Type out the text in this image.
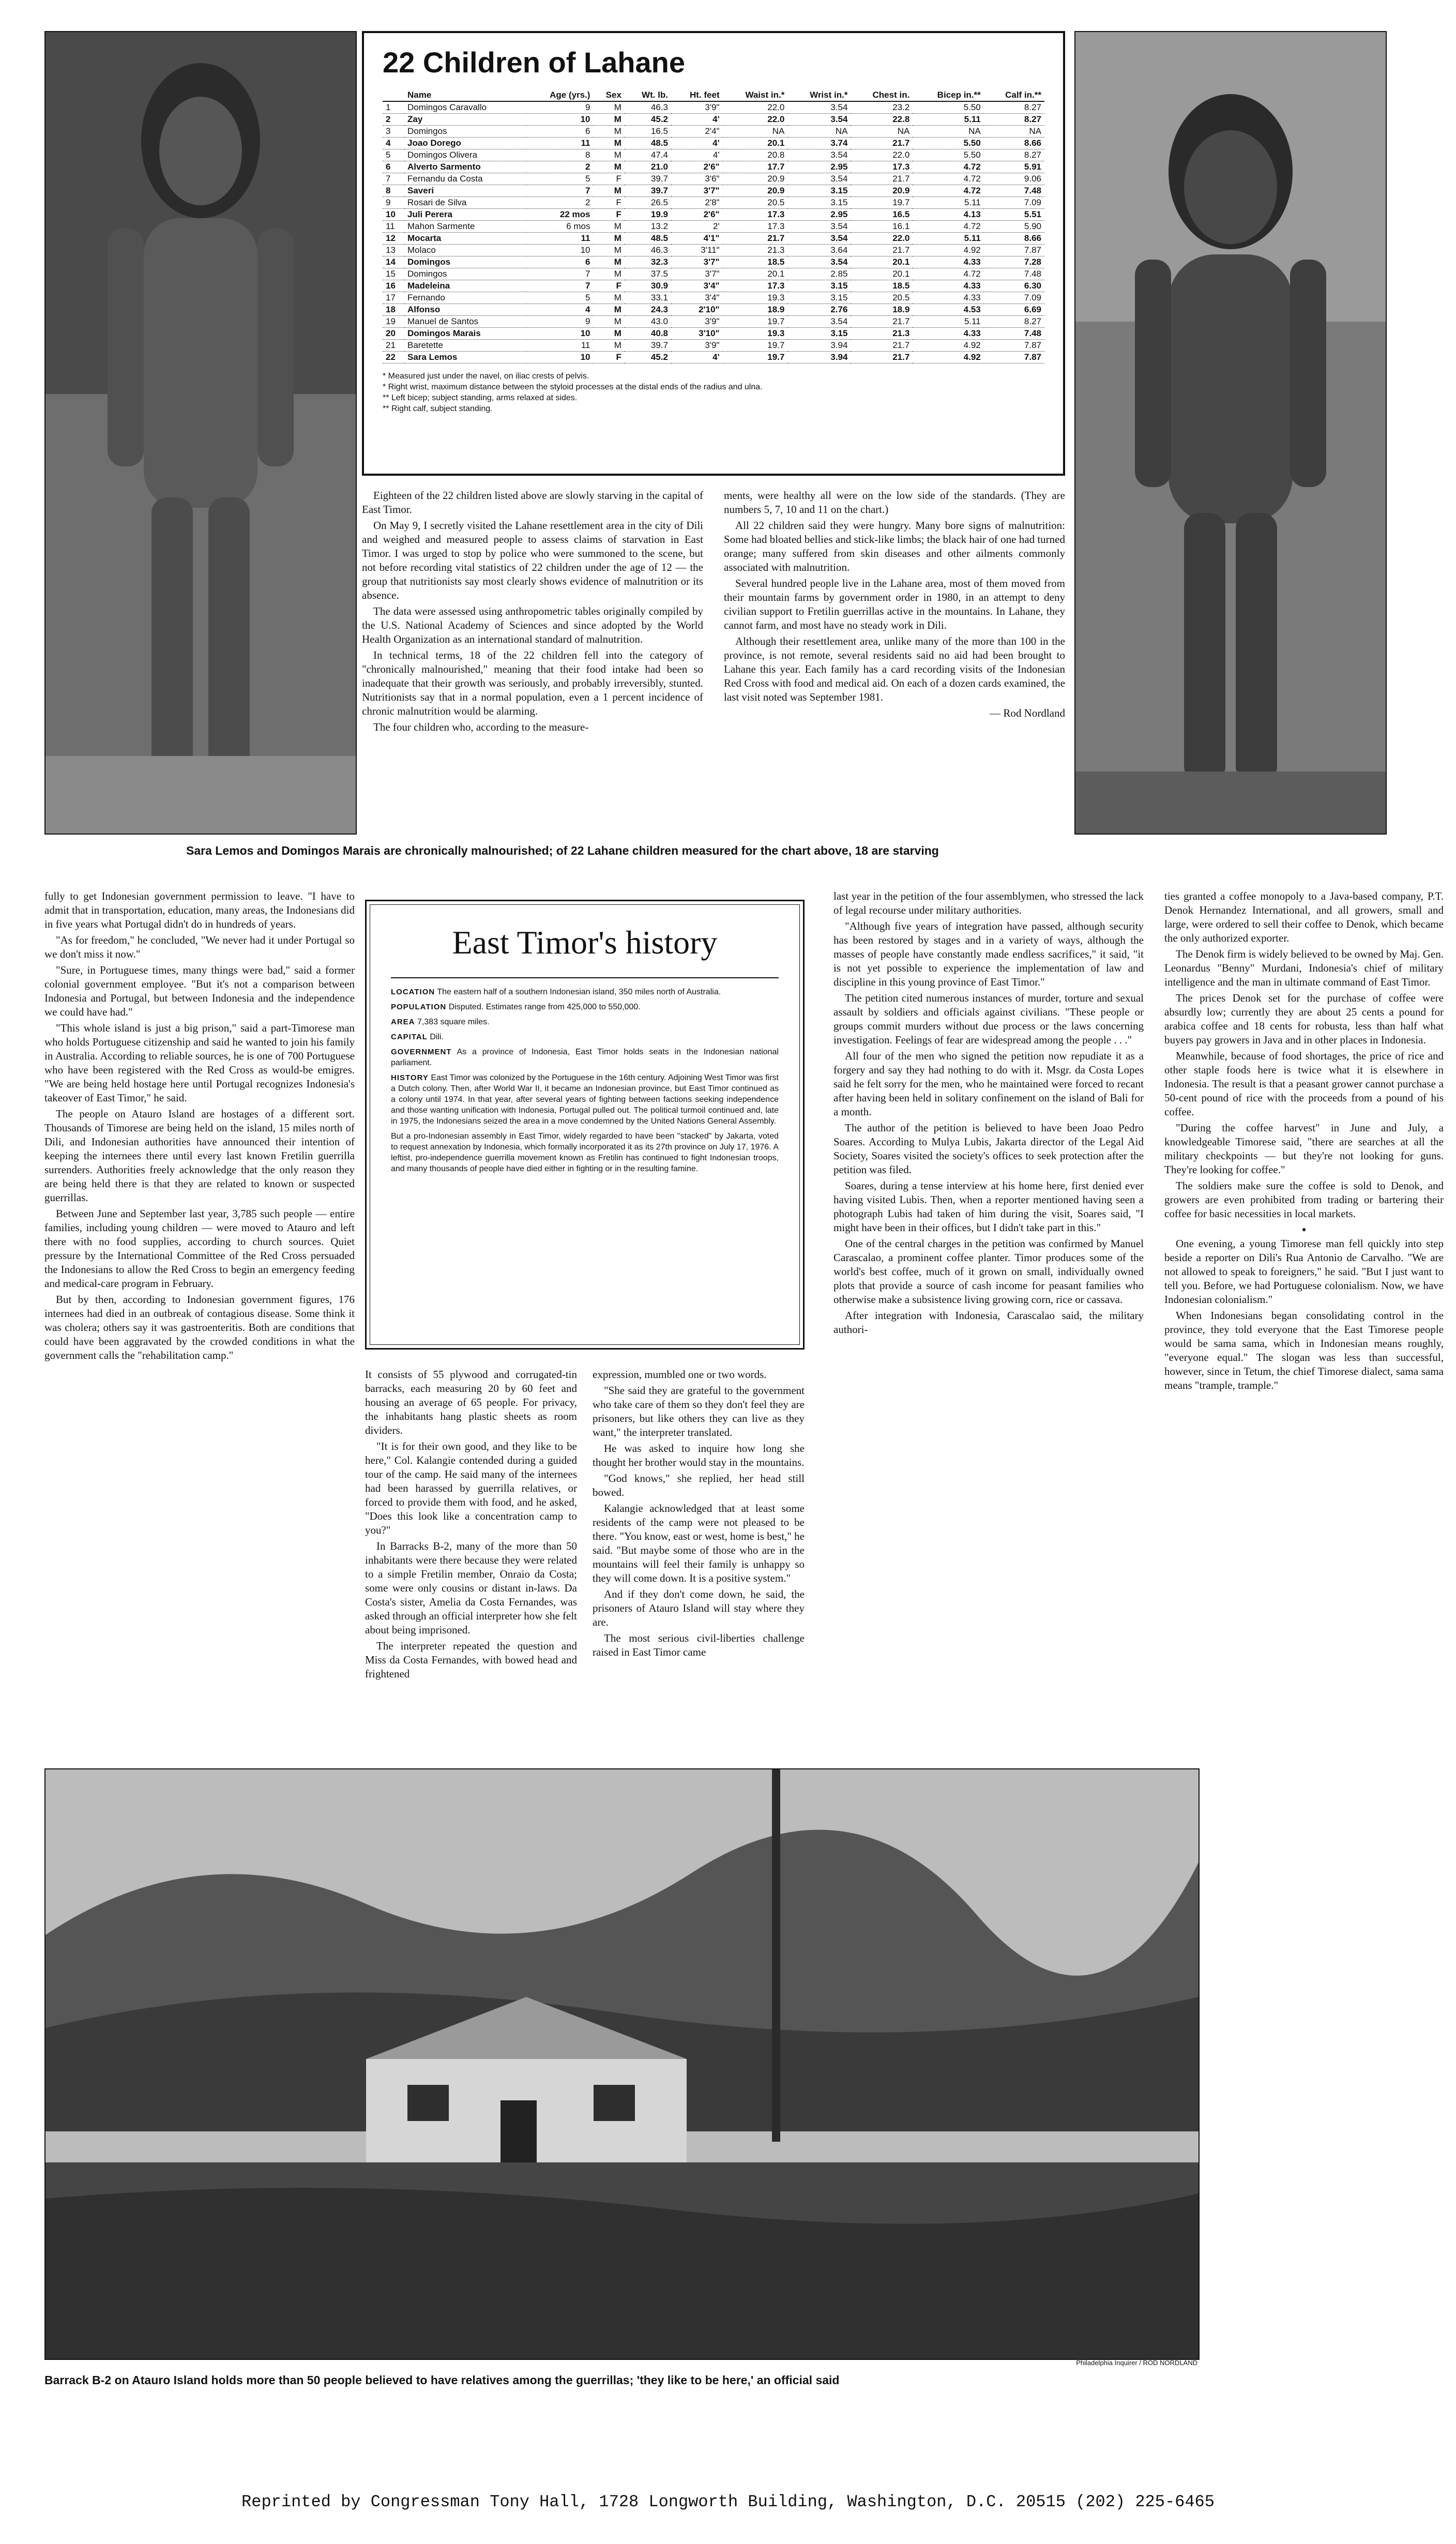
22 Children of Lahane
	Name	Age (yrs.)	Sex	Wt. lb.	Ht. feet	Waist in.*	Wrist in.*	Chest in.	Bicep in.**	Calf in.**
1	Domingos Caravallo	9	M	46.3	3'9"	22.0	3.54	23.2	5.50	8.27
2	Zay	10	M	45.2	4'	22.0	3.54	22.8	5.11	8.27
3	Domingos	6	M	16.5	2'4"	NA	NA	NA	NA	NA
4	Joao Dorego	11	M	48.5	4'	20.1	3.74	21.7	5.50	8.66
5	Domingos Olivera	8	M	47.4	4'	20.8	3.54	22.0	5.50	8.27
6	Alverto Sarmento	2	M	21.0	2'6"	17.7	2.95	17.3	4.72	5.91
7	Fernandu da Costa	5	F	39.7	3'6"	20.9	3.54	21.7	4.72	9.06
8	Saveri	7	M	39.7	3'7"	20.9	3.15	20.9	4.72	7.48
9	Rosari de Silva	2	F	26.5	2'8"	20.5	3.15	19.7	5.11	7.09
10	Juli Perera	22 mos	F	19.9	2'6"	17.3	2.95	16.5	4.13	5.51
11	Mahon Sarmente	6 mos	M	13.2	2'	17.3	3.54	16.1	4.72	5.90
12	Mocarta	11	M	48.5	4'1"	21.7	3.54	22.0	5.11	8.66
13	Molaco	10	M	46.3	3'11"	21.3	3.64	21.7	4.92	7.87
14	Domingos	6	M	32.3	3'7"	18.5	3.54	20.1	4.33	7.28
15	Domingos	7	M	37.5	3'7"	20.1	2.85	20.1	4.72	7.48
16	Madeleina	7	F	30.9	3'4"	17.3	3.15	18.5	4.33	6.30
17	Fernando	5	M	33.1	3'4"	19.3	3.15	20.5	4.33	7.09
18	Alfonso	4	M	24.3	2'10"	18.9	2.76	18.9	4.53	6.69
19	Manuel de Santos	9	M	43.0	3'9"	19.7	3.54	21.7	5.11	8.27
20	Domingos Marais	10	M	40.8	3'10"	19.3	3.15	21.3	4.33	7.48
21	Baretette	11	M	39.7	3'9"	19.7	3.94	21.7	4.92	7.87
22	Sara Lemos	10	F	45.2	4'	19.7	3.94	21.7	4.92	7.87
* Measured just under the navel, on iliac crests of pelvis.
* Right wrist, maximum distance between the styloid processes at the distal ends of the radius and ulna.
** Left bicep; subject standing, arms relaxed at sides.
** Right calf, subject standing.

Eighteen of the 22 children listed above are slowly starving in the capital of East Timor.

On May 9, I secretly visited the Lahane resettlement area in the city of Dili and weighed and measured people to assess claims of starvation in East Timor. I was urged to stop by police who were summoned to the scene, but not before recording vital statistics of 22 children under the age of 12 — the group that nutritionists say most clearly shows evidence of malnutrition or its absence.

The data were assessed using anthropometric tables originally compiled by the U.S. National Academy of Sciences and since adopted by the World Health Organization as an international standard of malnutrition.

In technical terms, 18 of the 22 children fell into the category of "chronically malnourished," meaning that their food intake had been so inadequate that their growth was seriously, and probably irreversibly, stunted. Nutritionists say that in a normal population, even a 1 percent incidence of chronic malnutrition would be alarming.

The four children who, according to the measure-

ments, were healthy all were on the low side of the standards. (They are numbers 5, 7, 10 and 11 on the chart.)

All 22 children said they were hungry. Many bore signs of malnutrition: Some had bloated bellies and stick-like limbs; the black hair of one had turned orange; many suffered from skin diseases and other ailments commonly associated with malnutrition.

Several hundred people live in the Lahane area, most of them moved from their mountain farms by government order in 1980, in an attempt to deny civilian support to Fretilin guerrillas active in the mountains. In Lahane, they cannot farm, and most have no steady work in Dili.

Although their resettlement area, unlike many of the more than 100 in the province, is not remote, several residents said no aid had been brought to Lahane this year. Each family has a card recording visits of the Indonesian Red Cross with food and medical aid. On each of a dozen cards examined, the last visit noted was September 1981.

— Rod Nordland
Sara Lemos and Domingos Marais are chronically malnourished; of 22 Lahane children measured for the chart above, 18 are starving

fully to get Indonesian government permission to leave. "I have to admit that in transportation, education, many areas, the Indonesians did in five years what Portugal didn't do in hundreds of years.

"As for freedom," he concluded, "We never had it under Portugal so we don't miss it now."

"Sure, in Portuguese times, many things were bad," said a former colonial government employee. "But it's not a comparison between Indonesia and Portugal, but between Indonesia and the independence we could have had."

"This whole island is just a big prison," said a part-Timorese man who holds Portuguese citizenship and said he wanted to join his family in Australia. According to reliable sources, he is one of 700 Portuguese who have been registered with the Red Cross as would-be emigres. "We are being held hostage here until Portugal recognizes Indonesia's takeover of East Timor," he said.

The people on Atauro Island are hostages of a different sort. Thousands of Timorese are being held on the island, 15 miles north of Dili, and Indonesian authorities have announced their intention of keeping the internees there until every last known Fretilin guerrilla surrenders. Authorities freely acknowledge that the only reason they are being held there is that they are related to known or suspected guerrillas.

Between June and September last year, 3,785 such people — entire families, including young children — were moved to Atauro and left there with no food supplies, according to church sources. Quiet pressure by the International Committee of the Red Cross persuaded the Indonesians to allow the Red Cross to begin an emergency feeding and medical-care program in February.

But by then, according to Indonesian government figures, 176 internees had died in an outbreak of contagious disease. Some think it was cholera; others say it was gastroenteritis. Both are conditions that could have been aggravated by the crowded conditions in what the government calls the "rehabilitation camp."

East Timor's history

LOCATION The eastern half of a southern Indonesian island, 350 miles north of Australia.

POPULATION Disputed. Estimates range from 425,000 to 550,000.

AREA 7,383 square miles.

CAPITAL Dili.

GOVERNMENT As a province of Indonesia, East Timor holds seats in the Indonesian national parliament.

HISTORY East Timor was colonized by the Portuguese in the 16th century. Adjoining West Timor was first a Dutch colony. Then, after World War II, it became an Indonesian province, but East Timor continued as a colony until 1974. In that year, after several years of fighting between factions seeking independence and those wanting unification with Indonesia, Portugal pulled out. The political turmoil continued and, late in 1975, the Indonesians seized the area in a move condemned by the United Nations General Assembly.

But a pro-Indonesian assembly in East Timor, widely regarded to have been "stacked" by Jakarta, voted to request annexation by Indonesia, which formally incorporated it as its 27th province on July 17, 1976. A leftist, pro-independence guerrilla movement known as Fretilin has continued to fight Indonesian troops, and many thousands of people have died either in fighting or in the resulting famine.

It consists of 55 plywood and corrugated-tin barracks, each measuring 20 by 60 feet and housing an average of 65 people. For privacy, the inhabitants hang plastic sheets as room dividers.

"It is for their own good, and they like to be here," Col. Kalangie contended during a guided tour of the camp. He said many of the internees had been harassed by guerrilla relatives, or forced to provide them with food, and he asked, "Does this look like a concentration camp to you?"

In Barracks B-2, many of the more than 50 inhabitants were there because they were related to a simple Fretilin member, Onraio da Costa; some were only cousins or distant in-laws. Da Costa's sister, Amelia da Costa Fernandes, was asked through an official interpreter how she felt about being imprisoned.

The interpreter repeated the question and Miss da Costa Fernandes, with bowed head and frightened

expression, mumbled one or two words.

"She said they are grateful to the government who take care of them so they don't feel they are prisoners, but like others they can live as they want," the interpreter translated.

He was asked to inquire how long she thought her brother would stay in the mountains.

"God knows," she replied, her head still bowed.

Kalangie acknowledged that at least some residents of the camp were not pleased to be there. "You know, east or west, home is best," he said. "But maybe some of those who are in the mountains will feel their family is unhappy so they will come down. It is a positive system."

And if they don't come down, he said, the prisoners of Atauro Island will stay where they are.

The most serious civil-liberties challenge raised in East Timor came

last year in the petition of the four assemblymen, who stressed the lack of legal recourse under military authorities.

"Although five years of integration have passed, although security has been restored by stages and in a variety of ways, although the masses of people have constantly made endless sacrifices," it said, "it is not yet possible to experience the implementation of law and discipline in this young province of East Timor."

The petition cited numerous instances of murder, torture and sexual assault by soldiers and officials against civilians. "These people or groups commit murders without due process or the laws concerning investigation. Feelings of fear are widespread among the people . . ."

All four of the men who signed the petition now repudiate it as a forgery and say they had nothing to do with it. Msgr. da Costa Lopes said he felt sorry for the men, who he maintained were forced to recant after having been held in solitary confinement on the island of Bali for a month.

The author of the petition is believed to have been Joao Pedro Soares. According to Mulya Lubis, Jakarta director of the Legal Aid Society, Soares visited the society's offices to seek protection after the petition was filed.

Soares, during a tense interview at his home here, first denied ever having visited Lubis. Then, when a reporter mentioned having seen a photograph Lubis had taken of him during the visit, Soares said, "I might have been in their offices, but I didn't take part in this."

One of the central charges in the petition was confirmed by Manuel Carascalao, a prominent coffee planter. Timor produces some of the world's best coffee, much of it grown on small, individually owned plots that provide a source of cash income for peasant families who otherwise make a subsistence living growing corn, rice or cassava.

After integration with Indonesia, Carascalao said, the military authori-

ties granted a coffee monopoly to a Java-based company, P.T. Denok Hernandez International, and all growers, small and large, were ordered to sell their coffee to Denok, which became the only authorized exporter.

The Denok firm is widely believed to be owned by Maj. Gen. Leonardus "Benny" Murdani, Indonesia's chief of military intelligence and the man in ultimate command of East Timor.

The prices Denok set for the purchase of coffee were absurdly low; currently they are about 25 cents a pound for arabica coffee and 18 cents for robusta, less than half what buyers pay growers in Java and in other places in Indonesia.

Meanwhile, because of food shortages, the price of rice and other staple foods here is twice what it is elsewhere in Indonesia. The result is that a peasant grower cannot purchase a 50-cent pound of rice with the proceeds from a pound of his coffee.

"During the coffee harvest" in June and July, a knowledgeable Timorese said, "there are searches at all the military checkpoints — but they're not looking for guns. They're looking for coffee."

The soldiers make sure the coffee is sold to Denok, and growers are even prohibited from trading or bartering their coffee for basic necessities in local markets.

•

One evening, a young Timorese man fell quickly into step beside a reporter on Dili's Rua Antonio de Carvalho. "We are not allowed to speak to foreigners," he said. "But I just want to tell you. Before, we had Portuguese colonialism. Now, we have Indonesian colonialism."

When Indonesians began consolidating control in the province, they told everyone that the East Timorese people would be sama sama, which in Indonesian means roughly, "everyone equal." The slogan was less than successful, however, since in Tetum, the chief Timorese dialect, sama sama means "trample, trample."

Philadelphia Inquirer / ROD NORDLAND
Barrack B-2 on Atauro Island holds more than 50 people believed to have relatives among the guerrillas; 'they like to be here,' an official said
Reprinted by Congressman Tony Hall, 1728 Longworth Building, Washington, D.C. 20515 (202) 225-6465
